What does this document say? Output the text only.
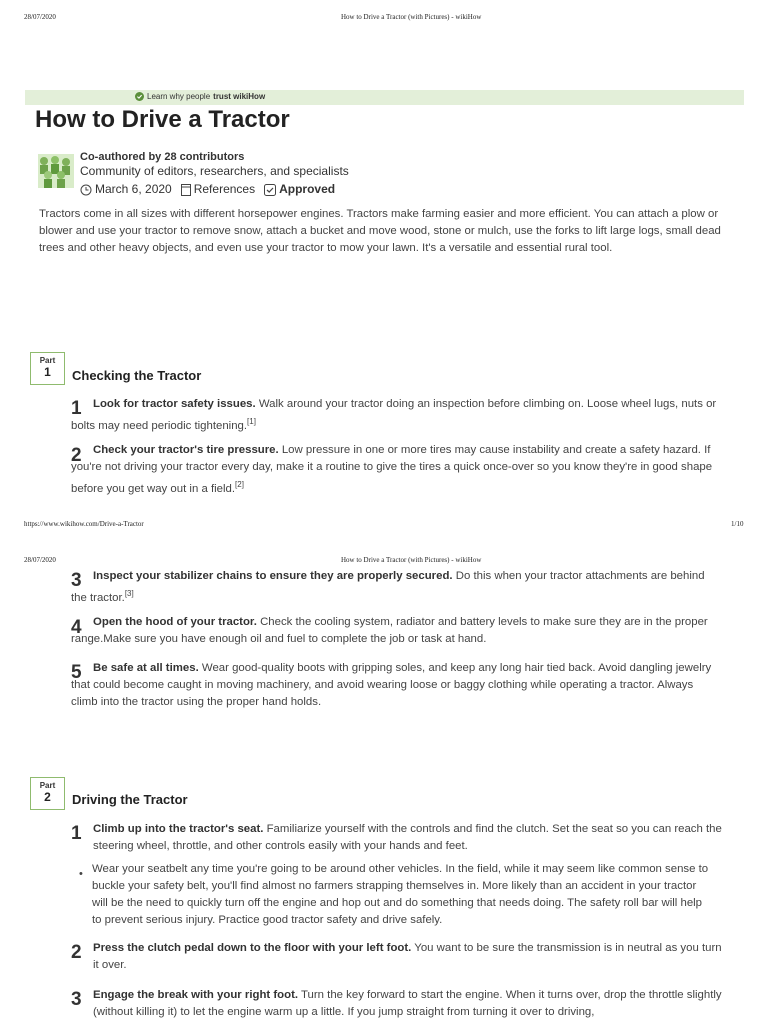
28/07/2020	How to Drive a Tractor (with Pictures) - wikiHow
Learn why people trust wikiHow
How to Drive a Tractor
Co-authored by 28 contributors
Community of editors, researchers, and specialists
March 6, 2020 References Approved
Tractors come in all sizes with different horsepower engines. Tractors make farming easier and more efficient. You can attach a plow or blower and use your tractor to remove snow, attach a bucket and move wood, stone or mulch, use the forks to lift large logs, small dead trees and other heavy objects, and even use your tractor to mow your lawn. It's a versatile and essential rural tool.
Part
1	Checking the Tractor
1	Look for tractor safety issues. Walk around your tractor doing an inspection before climbing on. Loose wheel lugs, nuts or bolts may need periodic tightening.[1]
2	Check your tractor's tire pressure. Low pressure in one or more tires may cause instability and create a safety hazard. If you're not driving your tractor every day, make it a routine to give the tires a quick once-over so you know they're in good shape before you get way out in a field.[2]
https://www.wikihow.com/Drive-a-Tractor	1/10
28/07/2020	How to Drive a Tractor (with Pictures) - wikiHow
3	Inspect your stabilizer chains to ensure they are properly secured. Do this when your tractor attachments are behind the tractor.[3]
4	Open the hood of your tractor. Check the cooling system, radiator and battery levels to make sure they are in the proper range.Make sure you have enough oil and fuel to complete the job or task at hand.
5	Be safe at all times. Wear good-quality boots with gripping soles, and keep any long hair tied back. Avoid dangling jewelry that could become caught in moving machinery, and avoid wearing loose or baggy clothing while operating a tractor. Always climb into the tractor using the proper hand holds.
Part
2	Driving the Tractor
1 Climb up into the tractor's seat. Familiarize yourself with the controls and find the clutch. Set the seat so you can reach the steering wheel, throttle, and other controls easily with your hands and feet.
• Wear your seatbelt any time you're going to be around other vehicles. In the field, while it may seem like common sense to buckle your safety belt, you'll find almost no farmers strapping themselves in. More likely than an accident in your tractor will be the need to quickly turn off the engine and hop out and do something that needs doing. The safety roll bar will help to prevent serious injury. Practice good tractor safety and drive safely.
2 Press the clutch pedal down to the floor with your left foot. You want to be sure the transmission is in neutral as you turn it over.
3 Engage the break with your right foot. Turn the key forward to start the engine. When it turns over, drop the throttle slightly (without killing it) to let the engine warm up a little. If you jump straight from turning it over to driving,
